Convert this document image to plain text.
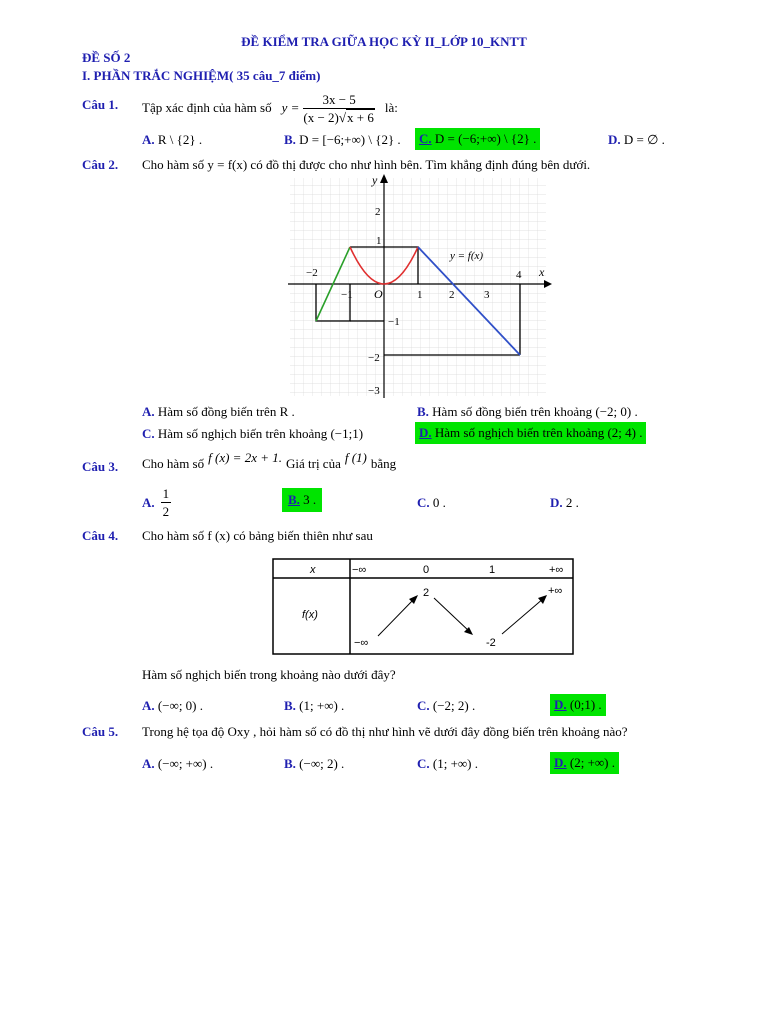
ĐỀ KIỂM TRA GIỮA HỌC KỲ II_LỚP 10_KNTT
ĐỀ SỐ 2
I. PHẦN TRẮC NGHIỆM( 35 câu_7 điểm)
Câu 1. Tập xác định của hàm số $y = \frac{3x - 5}{(x - 2)√x + 6}$ là:
A. R \ {2} .	B. D = [−6;+∞) \ {2} .	C. D = (−6;+∞) \ {2} .	D. D = ∅ .
Câu 2. Cho hàm số y = f(x) có đồ thị được cho như hình bên. Tìm khẳng định đúng bên dưới.
y
x
O
y = f(x)
−2
−1	1 2	3
4
2
1
−1
−2
−3
A. Hàm số đồng biến trên R .	B. Hàm số đồng biến trên khoảng (−2; 0) .
C. Hàm số nghịch biến trên khoảng (−1;1)	D. Hàm số nghịch biến trên khoảng (2; 4) .
Câu 3. Cho hàm số f (x) = 2x + 1. Giá trị của f (1) bằng
A. $\frac{1}{2}$	B. 3 .	C. 0 .	D. 2 .
Câu 4. Cho hàm số f (x) có bảng biến thiên như sau
x	−∞	0	1	+∞
f(x)
−∞
2
-2
+∞
Hàm số nghịch biến trong khoảng nào dưới đây?
A. (−∞; 0) .	B. (1; +∞) .	C. (−2; 2) .	D. (0;1) .
Câu 5. Trong hệ tọa độ Oxy , hỏi hàm số có đồ thị như hình vẽ dưới đây đồng biến trên khoảng nào?
A. (−∞; +∞) .	B. (−∞; 2) .	C. (1; +∞) .	D. (2; +∞) .
